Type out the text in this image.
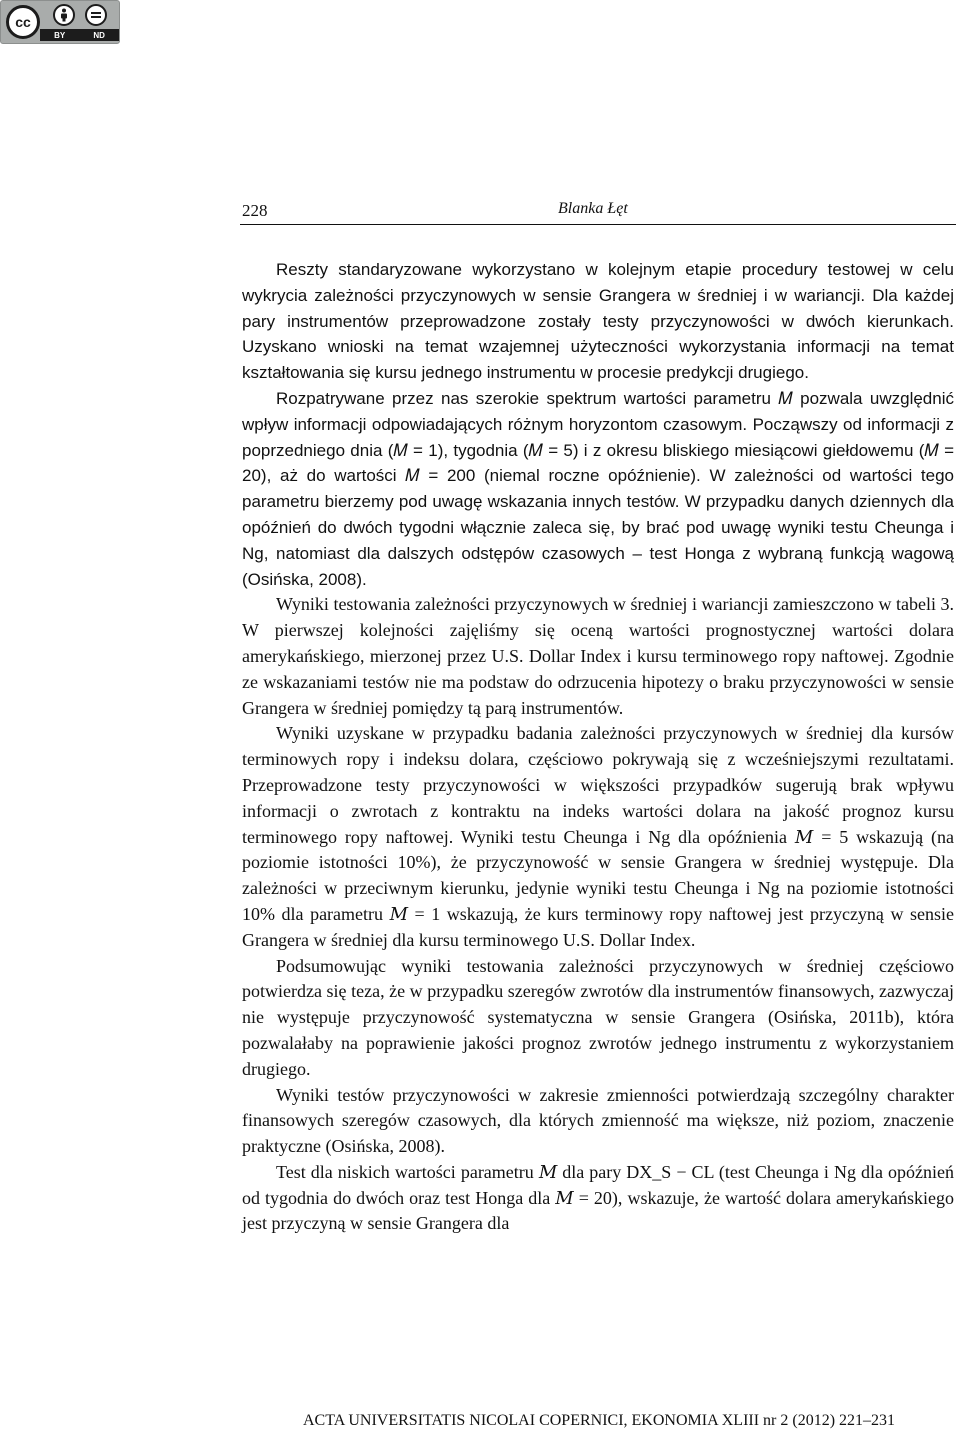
cc
BY	ND
228	Blanka Łęt

Reszty standaryzowane wykorzystano w kolejnym etapie procedury testowej w celu wykrycia zależności przyczynowych w sensie Grangera w średniej i w wariancji. Dla każdej pary instrumentów przeprowadzone zostały testy przyczynowości w dwóch kierunkach. Uzyskano wnioski na temat wzajemnej użyteczności wykorzystania informacji na temat kształtowania się kursu jednego instrumentu w procesie predykcji drugiego.

Rozpatrywane przez nas szerokie spektrum wartości parametru 𝑀 pozwala uwzględnić wpływ informacji odpowiadających różnym horyzontom czasowym. Począwszy od informacji z poprzedniego dnia (𝑀 = 1), tygodnia (𝑀 = 5) i z okresu bliskiego miesiącowi giełdowemu (𝑀 = 20), aż do wartości 𝑀 = 200 (niemal roczne opóźnienie). W zależności od wartości tego parametru bierzemy pod uwagę wskazania innych testów. W przypadku danych dziennych dla opóźnień do dwóch tygodni włącznie zaleca się, by brać pod uwagę wyniki testu Cheunga i Ng, natomiast dla dalszych odstępów czasowych – test Honga z wybraną funkcją wagową (Osińska, 2008).

Wyniki testowania zależności przyczynowych w średniej i wariancji zamieszczono w tabeli 3. W pierwszej kolejności zajęliśmy się oceną wartości prognostycznej wartości dolara amerykańskiego, mierzonej przez U.S. Dollar Index i kursu terminowego ropy naftowej. Zgodnie ze wskazaniami testów nie ma podstaw do odrzucenia hipotezy o braku przyczynowości w sensie Grangera w średniej pomiędzy tą parą instrumentów.

Wyniki uzyskane w przypadku badania zależności przyczynowych w średniej dla kursów terminowych ropy i indeksu dolara, częściowo pokrywają się z wcześniejszymi rezultatami. Przeprowadzone testy przyczynowości w większości przypadków sugerują brak wpływu informacji o zwrotach z kontraktu na indeks wartości dolara na jakość prognoz kursu terminowego ropy naftowej. Wyniki testu Cheunga i Ng dla opóźnienia 𝑀 = 5 wskazują (na poziomie istotności 10%), że przyczynowość w sensie Grangera w średniej występuje. Dla zależności w przeciwnym kierunku, jedynie wyniki testu Cheunga i Ng na poziomie istotności 10% dla parametru 𝑀 = 1 wskazują, że kurs terminowy ropy naftowej jest przyczyną w sensie Grangera w średniej dla kursu terminowego U.S. Dollar Index.

Podsumowując wyniki testowania zależności przyczynowych w średniej częściowo potwierdza się teza, że w przypadku szeregów zwrotów dla instrumentów finansowych, zazwyczaj nie występuje przyczynowość systematyczna w sensie Grangera (Osińska, 2011b), która pozwalałaby na poprawienie jakości prognoz zwrotów jednego instrumentu z wykorzystaniem drugiego.

Wyniki testów przyczynowości w zakresie zmienności potwierdzają szczególny charakter finansowych szeregów czasowych, dla których zmienność ma większe, niż poziom, znaczenie praktyczne (Osińska, 2008).

Test dla niskich wartości parametru 𝑀 dla pary DX_S − CL (test Cheunga i Ng dla opóźnień od tygodnia do dwóch oraz test Honga dla 𝑀 = 20), wskazuje, że wartość dolara amerykańskiego jest przyczyną w sensie Grangera dla

ACTA UNIVERSITATIS NICOLAI COPERNICI, EKONOMIA XLIII nr 2 (2012) 221–231
